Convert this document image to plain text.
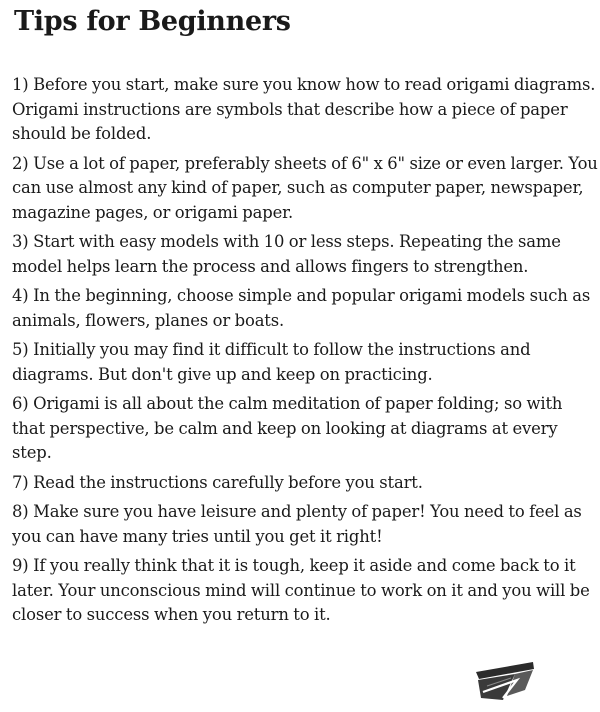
Tips for Beginners
1) Before you start, make sure you know how to read origami diagrams. Origami instructions are symbols that describe how a piece of paper should be folded.
2) Use a lot of paper, preferably sheets of 6" x 6" size or even larger. You can use almost any kind of paper, such as computer paper, newspaper, magazine pages, or origami paper.
3) Start with easy models with 10 or less steps. Repeating the same model helps learn the process and allows fingers to strengthen.
4) In the beginning, choose simple and popular origami models such as animals, flowers, planes or boats.
5) Initially you may find it difficult to follow the instructions and diagrams. But don't give up and keep on practicing.
6) Origami is all about the calm meditation of paper folding; so with that perspective, be calm and keep on looking at diagrams at every step.
7) Read the instructions carefully before you start.
8) Make sure you have leisure and plenty of paper! You need to feel as you can have many tries until you get it right!
9) If you really think that it is tough, keep it aside and come back to it later. Your unconscious mind will continue to work on it and you will be closer to success when you return to it.
